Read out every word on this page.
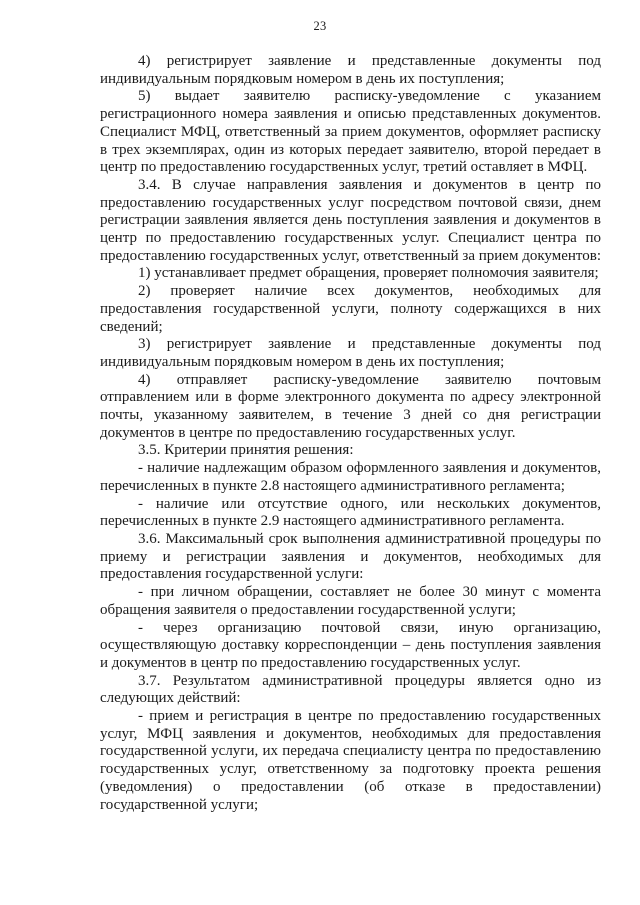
23

4) регистрирует заявление и представленные документы под индивидуальным порядковым номером в день их поступления;

5) выдает заявителю расписку-уведомление с указанием регистрационного номера заявления и описью представленных документов. Специалист МФЦ, ответственный за прием документов, оформляет расписку в трех экземплярах, один из которых передает заявителю, второй передает в центр по предоставлению государственных услуг, третий оставляет в МФЦ.

3.4. В случае направления заявления и документов в центр по предоставлению государственных услуг посредством почтовой связи, днем регистрации заявления является день поступления заявления и документов в центр по предоставлению государственных услуг. Специалист центра по предоставлению государственных услуг, ответственный за прием документов:

1) устанавливает предмет обращения, проверяет полномочия заявителя;

2) проверяет наличие всех документов, необходимых для предоставления государственной услуги, полноту содержащихся в них сведений;

3) регистрирует заявление и представленные документы под индивидуальным порядковым номером в день их поступления;

4) отправляет расписку-уведомление заявителю почтовым отправлением или в форме электронного документа по адресу электронной почты, указанному заявителем, в течение 3 дней со дня регистрации документов в центре по предоставлению государственных услуг.

3.5. Критерии принятия решения:

- наличие надлежащим образом оформленного заявления и документов, перечисленных в пункте 2.8 настоящего административного регламента;

- наличие или отсутствие одного, или нескольких документов, перечисленных в пункте 2.9 настоящего административного регламента.

3.6. Максимальный срок выполнения административной процедуры по приему и регистрации заявления и документов, необходимых для предоставления государственной услуги:

- при личном обращении, составляет не более 30 минут с момента обращения заявителя о предоставлении государственной услуги;

- через организацию почтовой связи, иную организацию, осуществляющую доставку корреспонденции – день поступления заявления и документов в центр по предоставлению государственных услуг.

3.7. Результатом административной процедуры является одно из следующих действий:

- прием и регистрация в центре по предоставлению государственных услуг, МФЦ заявления и документов, необходимых для предоставления государственной услуги, их передача специалисту центра по предоставлению государственных услуг, ответственному за подготовку проекта решения (уведомления) о предоставлении (об отказе в предоставлении) государственной услуги;
